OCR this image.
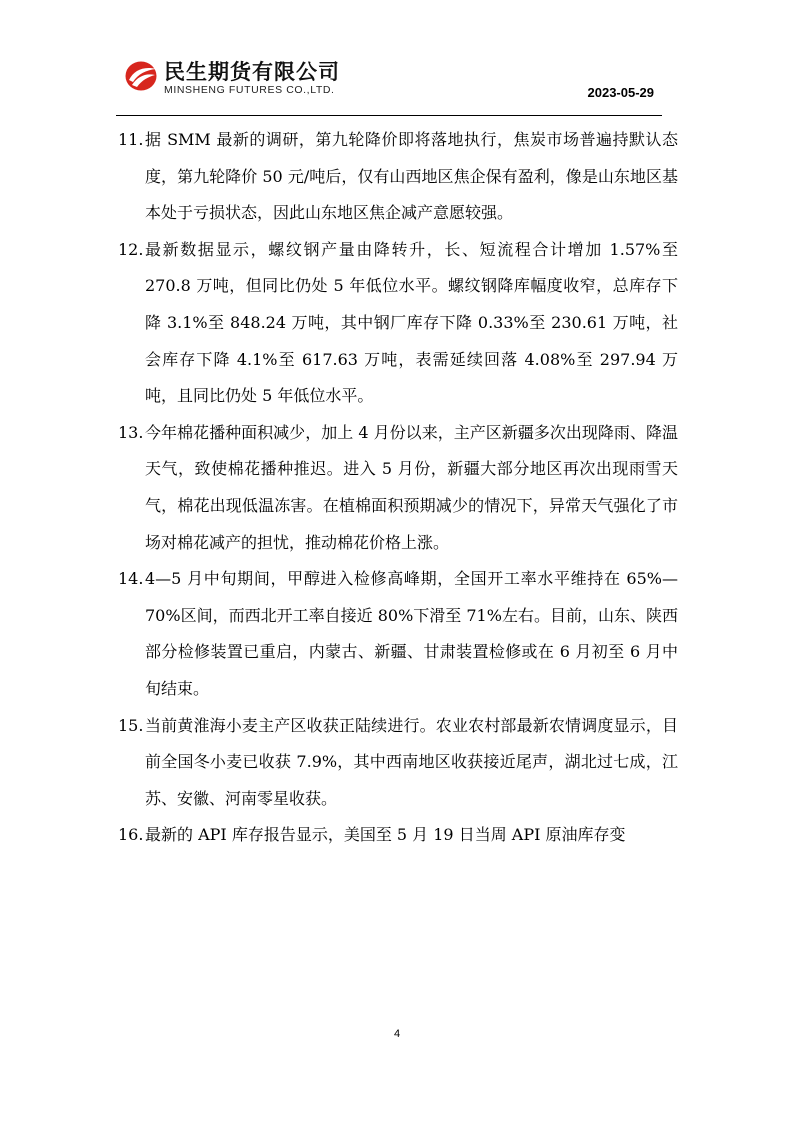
民生期货有限公司
MINSHENG FUTURES CO.,LTD.	2023-05-29
11. 据 SMM 最新的调研，第九轮降价即将落地执行，焦炭市场普遍持默认态度，第九轮降价 50 元/吨后，仅有山西地区焦企保有盈利，像是山东地区基本处于亏损状态，因此山东地区焦企减产意愿较强。
12. 最新数据显示，螺纹钢产量由降转升，长、短流程合计增加 1.57%至 270.8 万吨，但同比仍处 5 年低位水平。螺纹钢降库幅度收窄，总库存下降 3.1%至 848.24 万吨，其中钢厂库存下降 0.33%至 230.61 万吨，社会库存下降 4.1%至 617.63 万吨，表需延续回落 4.08%至 297.94 万吨，且同比仍处 5 年低位水平。
13. 今年棉花播种面积减少，加上 4 月份以来，主产区新疆多次出现降雨、降温天气，致使棉花播种推迟。进入 5 月份，新疆大部分地区再次出现雨雪天气，棉花出现低温冻害。在植棉面积预期减少的情况下，异常天气强化了市场对棉花减产的担忧，推动棉花价格上涨。
14. 4—5 月中旬期间，甲醇进入检修高峰期，全国开工率水平维持在 65%—70%区间，而西北开工率自接近 80%下滑至 71%左右。目前，山东、陕西部分检修装置已重启，内蒙古、新疆、甘肃装置检修或在 6 月初至 6 月中旬结束。
15. 当前黄淮海小麦主产区收获正陆续进行。农业农村部最新农情调度显示，目前全国冬小麦已收获 7.9%，其中西南地区收获接近尾声，湖北过七成，江苏、安徽、河南零星收获。
16. 最新的 API 库存报告显示，美国至 5 月 19 日当周 API 原油库存变
4
